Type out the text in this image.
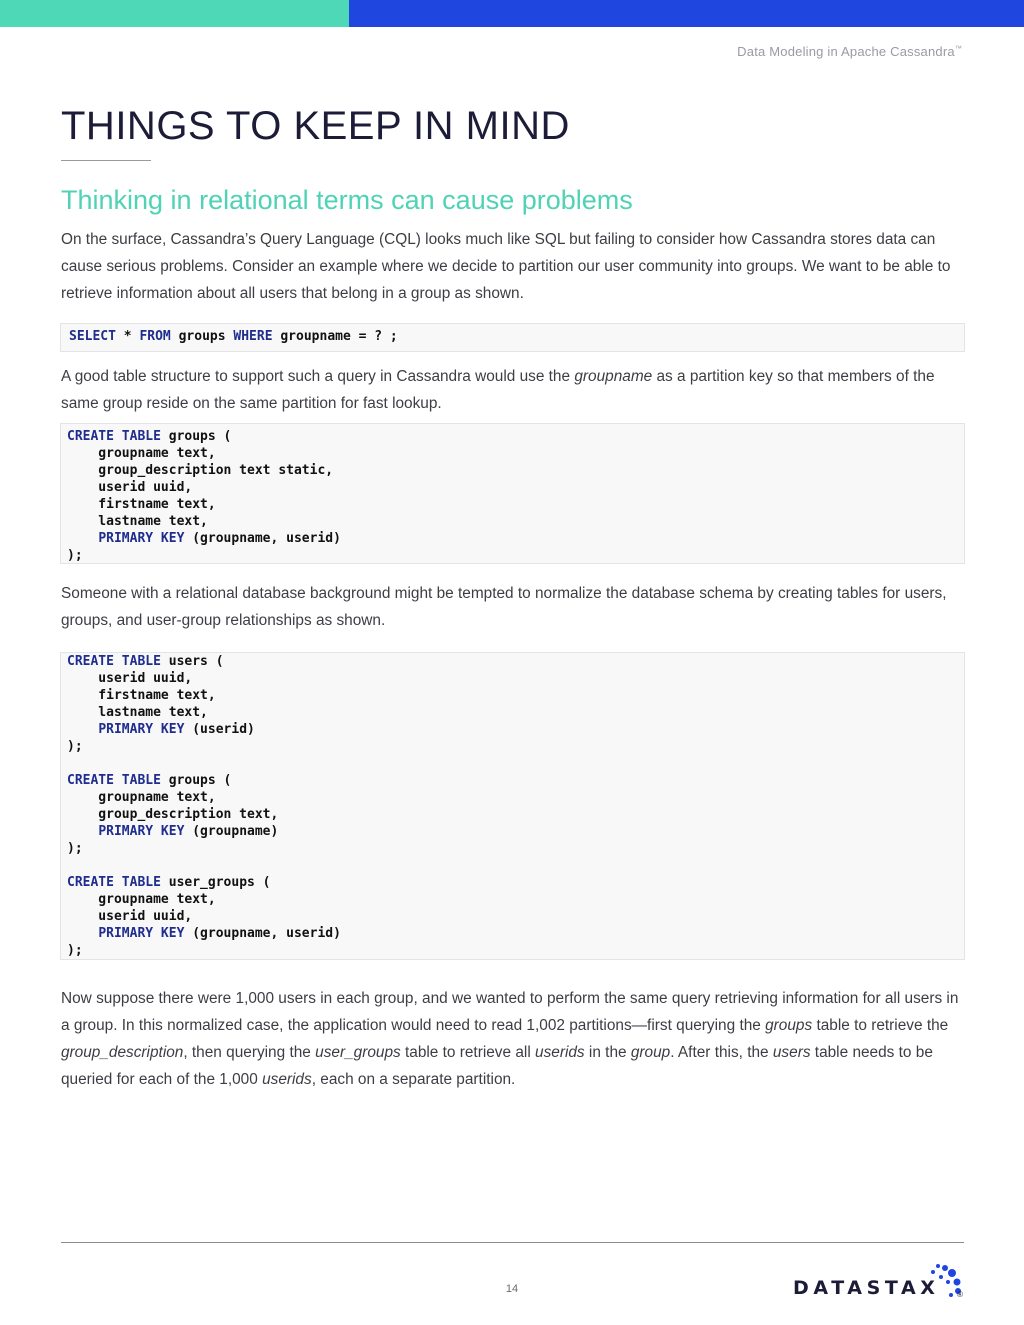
Data Modeling in Apache Cassandra™
THINGS TO KEEP IN MIND
Thinking in relational terms can cause problems

On the surface, Cassandra’s Query Language (CQL) looks much like SQL but failing to consider how Cassandra stores data can cause serious problems. Consider an example where we decide to partition our user community into groups. We want to be able to retrieve information about all users that belong in a group as shown.

SELECT * FROM groups WHERE groupname = ? ;

A good table structure to support such a query in Cassandra would use the groupname as a partition key so that members of the same group reside on the same partition for fast lookup.

CREATE TABLE groups (
groupname text,
group_description text static,
userid uuid,
firstname text,
lastname text,
PRIMARY KEY (groupname, userid)
);

Someone with a relational database background might be tempted to normalize the database schema by creating tables for users, groups, and user-group relationships as shown.

CREATE TABLE users (
userid uuid,
firstname text,
lastname text,
PRIMARY KEY (userid)
);

CREATE TABLE groups (
groupname text,
group_description text,
PRIMARY KEY (groupname)
);

CREATE TABLE user_groups (
groupname text,
userid uuid,
PRIMARY KEY (groupname, userid)
);

Now suppose there were 1,000 users in each group, and we wanted to perform the same query retrieving information for all users in a group. In this normalized case, the application would need to read 1,002 partitions—first querying the groups table to retrieve the group_description, then querying the user_groups table to retrieve all userids in the group. After this, the users table needs to be queried for each of the 1,000 userids, each on a separate partition.

14	DATASTAX ®
